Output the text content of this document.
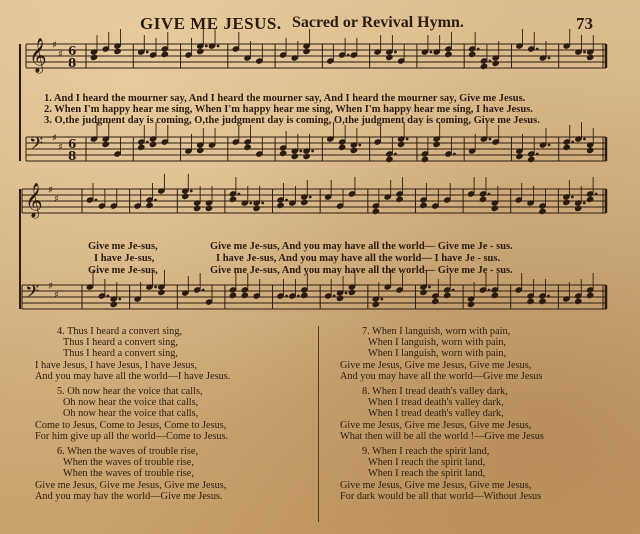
GIVE ME JESUS. Sacred or Revival Hymn.	73
𝄞 ♯
♯ 6
8
𝄢 ♯
♯ 6
8
𝄞 ♯
♯
𝄢 ♯
♯
1. And I heard the mourner say, And I heard the mourner say, And I heard the mourner say, Give me Jesus.
2. When I'm happy hear me sing, When I'm happy hear me sing, When I'm happy hear me sing, I have Jesus.
3. O,the judgment day is coming, O,the judgment day is coming, O,the judgment day is coming, Give me Jesus.
Give me Je-sus,
I have Je-sus,
Give me Je-sus,
Give me Je-sus, And you may have all the world— Give me Je - sus.
I have Je-sus, And you may have all the world— I have Je - sus.
Give me Je-sus, And you may have all the world— Give me Je - sus.
4. Thus I heard a convert sing,
Thus I heard a convert sing,
Thus I heard a convert sing,
I have Jesus, I have Jesus, I have Jesus,
And you may have all the world—I have Jesus.
5. Oh now hear the voice that calls,
Oh now hear the voice that calls,
Oh now hear the voice that calls,
Come to Jesus, Come to Jesus, Come to Jesus,
For him give up all the world—Come to Jesus.
6. When the waves of trouble rise,
When the waves of trouble rise,
When the waves of trouble rise,
Give me Jesus, Give me Jesus, Give me Jesus,
And you may hav the world—Give me Jesus.
7. When I languish, worn with pain,
When I languish, worn with pain,
When I languish, worn with pain,
Give me Jesus, Give me Jesus, Give me Jesus,
And you may have all the world—Give me Jesus
8. When I tread death's valley dark,
When I tread death's valley dark,
When I tread death's valley dark,
Give me Jesus, Give me Jesus, Give me Jesus,
What then will be all the world !—Give me Jesus
9. When I reach the spirit land,
When I reach the spirit land,
When I reach the spirit land,
Give me Jesus, Give me Jesus, Give me Jesus,
For dark would be all that world—Without Jesus
